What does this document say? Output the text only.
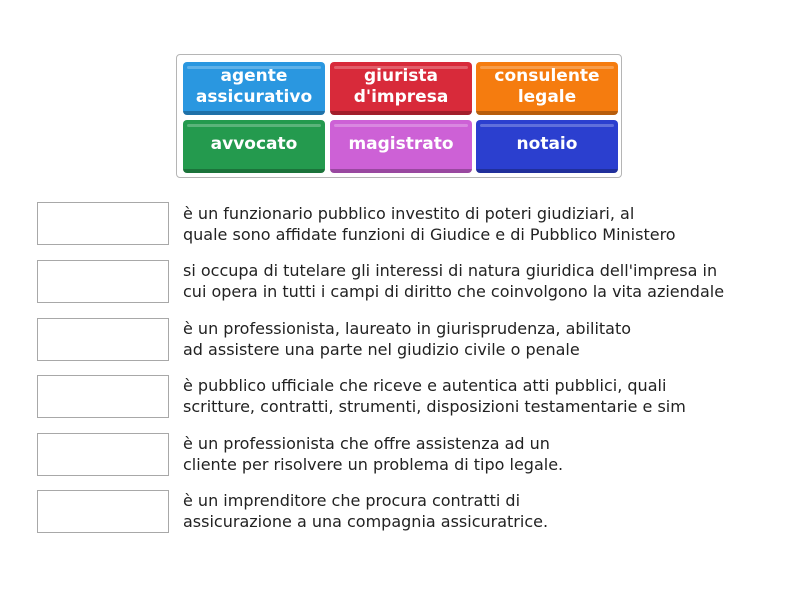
agente
assicurativo
giurista
d'impresa
consulente
legale
avvocato	magistrato	notaio
è un funzionario pubblico investito di poteri giudiziari, al
quale sono affidate funzioni di Giudice e di Pubblico Ministero
si occupa di tutelare gli interessi di natura giuridica dell'impresa in
cui opera in tutti i campi di diritto che coinvolgono la vita aziendale
è un professionista, laureato in giurisprudenza, abilitato
ad assistere una parte nel giudizio civile o penale
è pubblico ufficiale che riceve e autentica atti pubblici, quali
scritture, contratti, strumenti, disposizioni testamentarie e sim
è un professionista che offre assistenza ad un
cliente per risolvere un problema di tipo legale.
è un imprenditore che procura contratti di
assicurazione a una compagnia assicuratrice.
